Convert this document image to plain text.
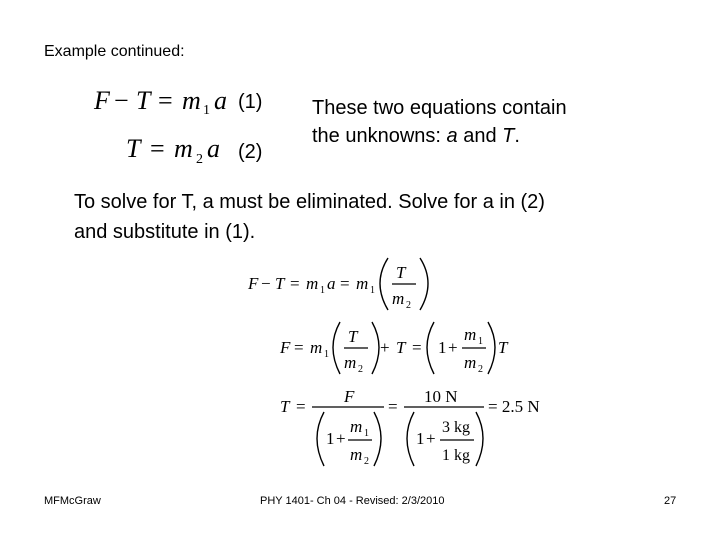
Example continued:
F − T = m 1 a (1)
T = m 2 a (2)
These two equations contain
the unknowns: a and T.
To solve for T, a must be eliminated. Solve for a in (2)
and substitute in (1).
F − T = m 1 a = m 1
T
m 2
F = m 1
T
m 2
+ T = 1 +
m 1
m 2
T
T =
F
1 +
m 1
m 2
=
10 N
1 +
3 kg
1 kg
= 2.5 N
MFMcGraw	PHY 1401- Ch 04 - Revised: 2/3/2010	27
